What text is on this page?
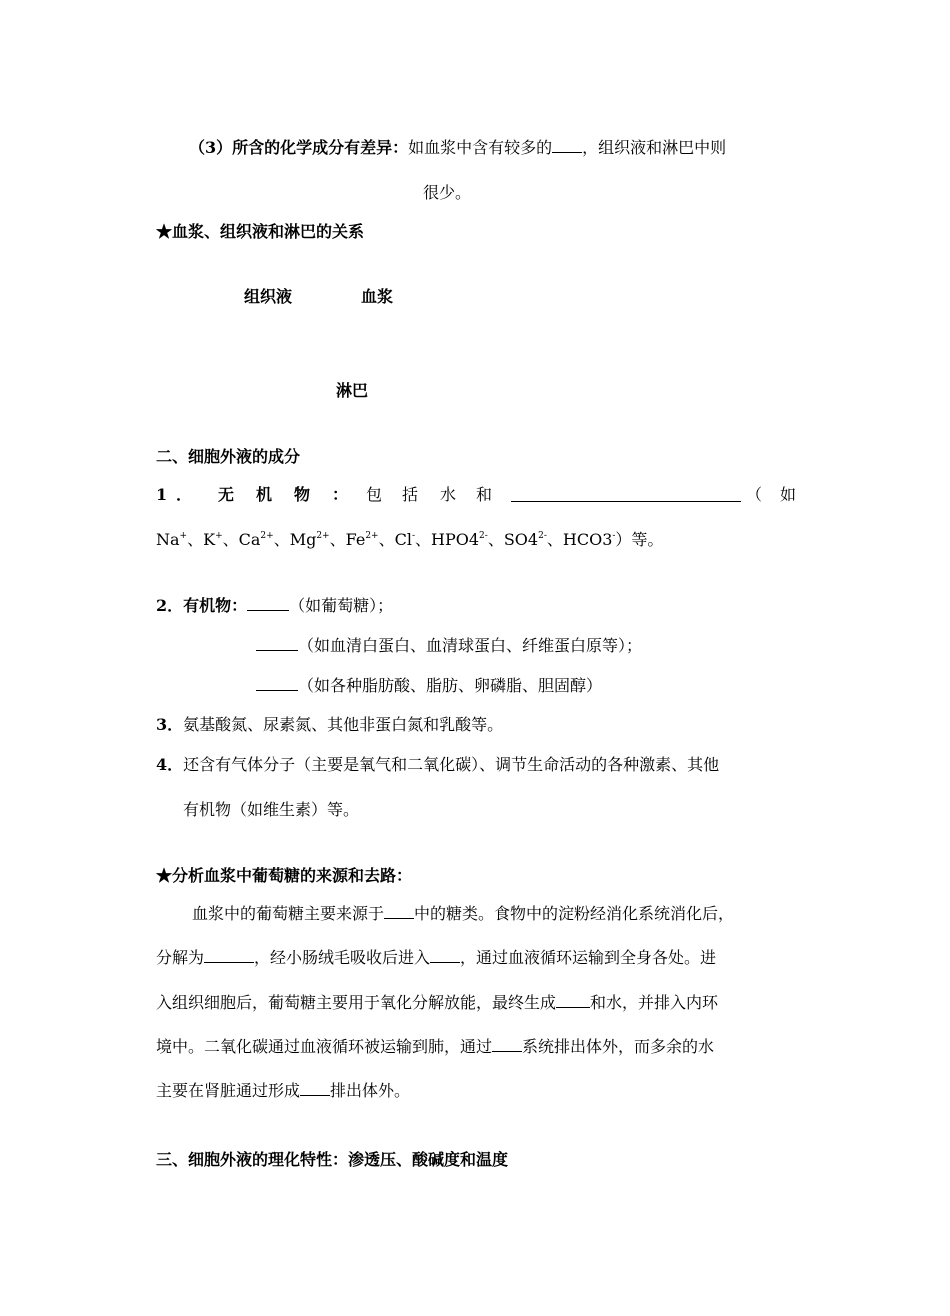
（3）所含的化学成分有差异：如血浆中含有较多的 ，组织液和淋巴中则
很少。
★血浆、组织液和淋巴的关系
组织液	血浆
淋巴
二、细胞外液的成分
1 ． 无 机 物 ： 包 括 水 和	（ 如
Na+、K+、$Ca^{2+}$、$Mg^{2+}$、$Fe^{2+}$、Cl-、$HPO4^{2-}$、$SO4^{2-}$、HCO3-）等。
2．有机物：	（如葡萄糖）；
（如血清白蛋白、血清球蛋白、纤维蛋白原等）；
（如各种脂肪酸、脂肪、卵磷脂、胆固醇）
3．氨基酸氮、尿素氮、其他非蛋白氮和乳酸等。
4．还含有气体分子（主要是氧气和二氧化碳）、调节生命活动的各种激素、其他
有机物（如维生素）等。
★分析血浆中葡萄糖的来源和去路：
血浆中的葡萄糖主要来源于 中的糖类。食物中的淀粉经消化系统消化后，
分解为	，经小肠绒毛吸收后进入 ，通过血液循环运输到全身各处。进
入组织细胞后，葡萄糖主要用于氧化分解放能，最终生成 和水，并排入内环
境中。二氧化碳通过血液循环被运输到肺，通过 系统排出体外，而多余的水
主要在肾脏通过形成 排出体外。
三、细胞外液的理化特性：渗透压、酸碱度和温度
